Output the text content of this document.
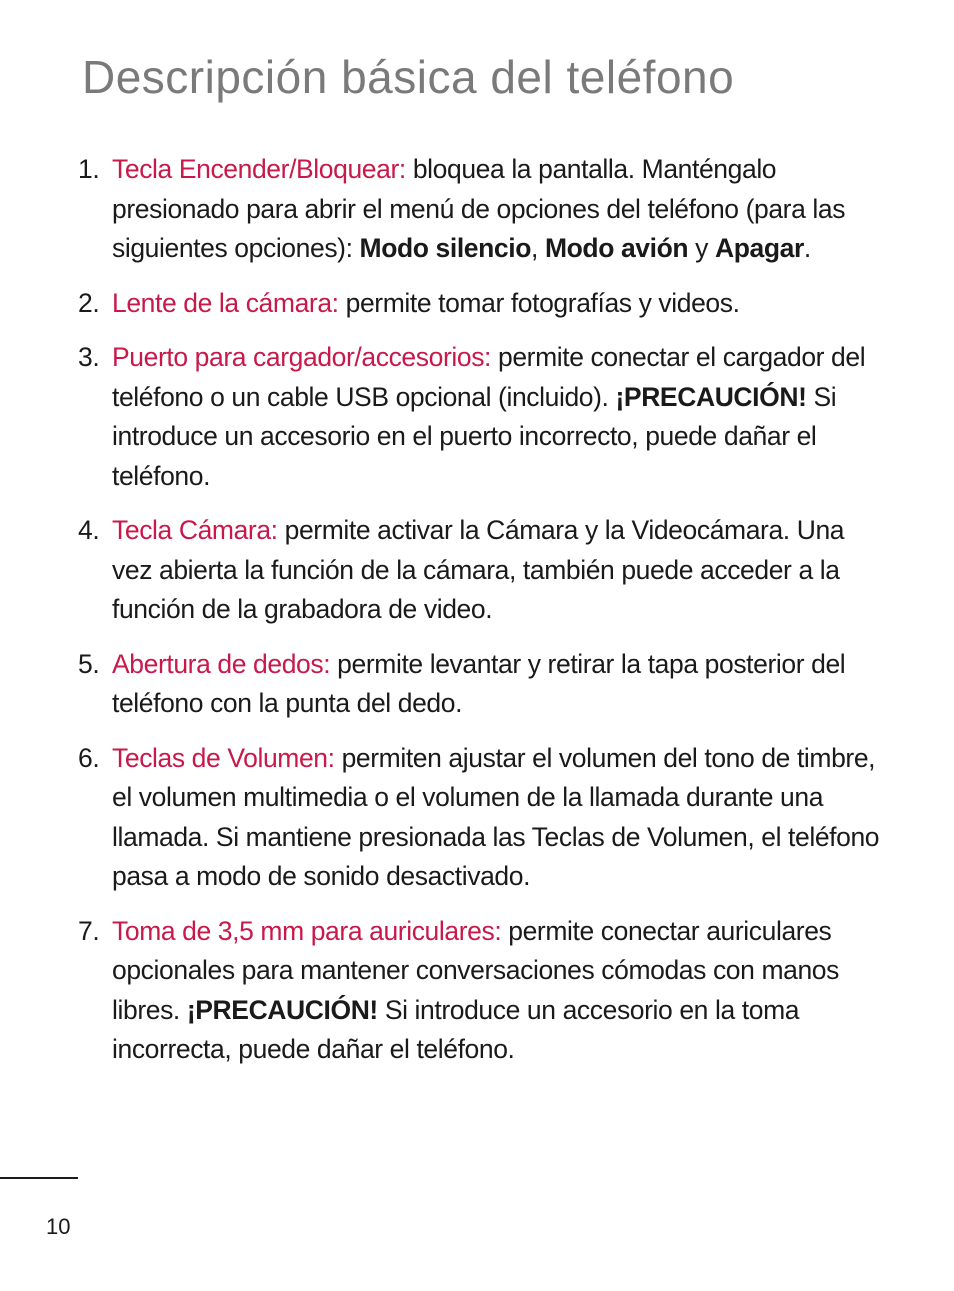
Descripción básica del teléfono
1. Tecla Encender/Bloquear: bloquea la pantalla. Manténgalo presionado para abrir el menú de opciones del teléfono (para las siguientes opciones): Modo silencio, Modo avión y Apagar.
2. Lente de la cámara: permite tomar fotografías y videos.
3. Puerto para cargador/accesorios: permite conectar el cargador del teléfono o un cable USB opcional (incluido). ¡PRECAUCIÓN! Si introduce un accesorio en el puerto incorrecto, puede dañar el teléfono.
4. Tecla Cámara: permite activar la Cámara y la Videocámara. Una vez abierta la función de la cámara, también puede acceder a la función de la grabadora de video.
5. Abertura de dedos: permite levantar y retirar la tapa posterior del teléfono con la punta del dedo.
6. Teclas de Volumen: permiten ajustar el volumen del tono de timbre, el volumen multimedia o el volumen de la llamada durante una llamada. Si mantiene presionada las Teclas de Volumen, el teléfono pasa a modo de sonido desactivado.
7. Toma de 3,5 mm para auriculares: permite conectar auriculares opcionales para mantener conversaciones cómodas con manos libres. ¡PRECAUCIÓN! Si introduce un accesorio en la toma incorrecta, puede dañar el teléfono.
10
